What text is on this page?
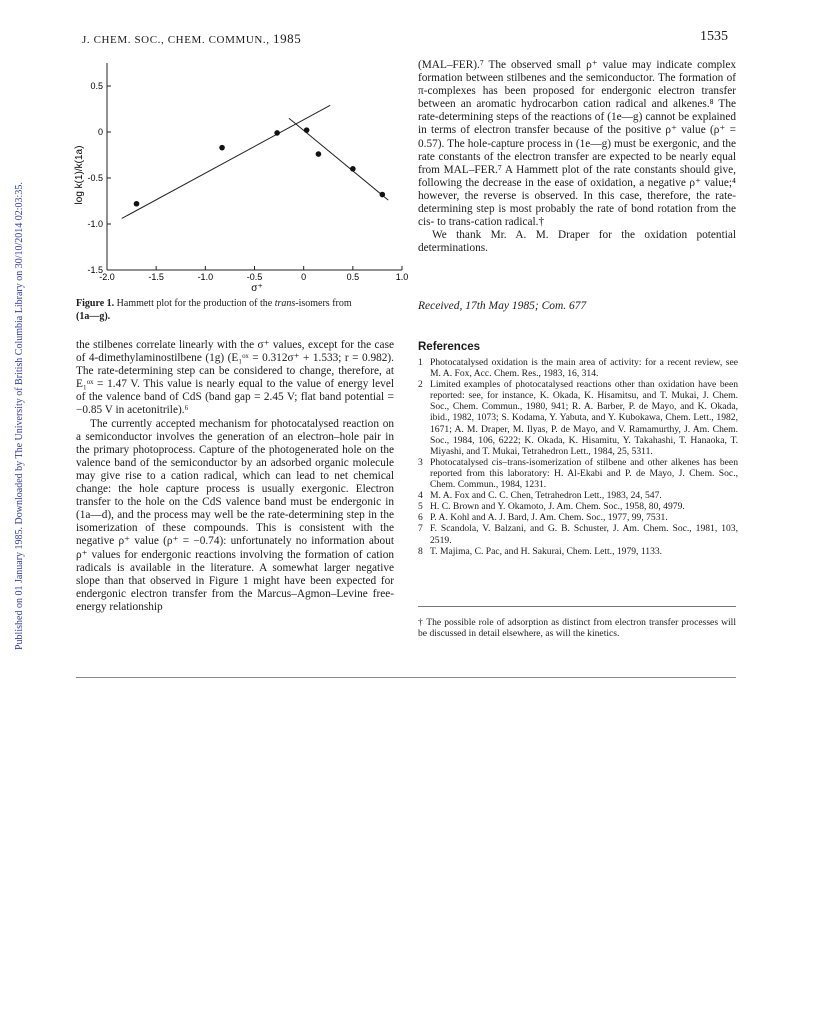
J. CHEM. SOC., CHEM. COMMUN., 1985	1535
Published on 01 January 1985. Downloaded by The University of British Columbia Library on 30/10/2014 02:03:35.	-2.0	-1.5	-1.0	-0.5	0	0.5	1.0
0.5
0
-0.5
-1.0
-1.5
log k(1)/k(1a)
σ⁺
Figure 1. Hammett plot for the production of the trans-isomers from
(1a—g).

the stilbenes correlate linearly with the σ⁺ values, except for the case of 4-dimethylaminostilbene (1g) (E₁ᵒˣ = 0.312σ⁺ + 1.533; r = 0.982). The rate-determining step can be considered to change, therefore, at E₁ᵒˣ = 1.47 V. This value is nearly equal to the value of energy level of the valence band of CdS (band gap = 2.45 V; flat band potential = −0.85 V in acetonitrile).⁶

The currently accepted mechanism for photocatalysed reaction on a semiconductor involves the generation of an electron–hole pair in the primary photoprocess. Capture of the photogenerated hole on the valence band of the semiconductor by an adsorbed organic molecule may give rise to a cation radical, which can lead to net chemical change: the hole capture process is usually exergonic. Electron transfer to the hole on the CdS valence band must be endergonic in (1a—d), and the process may well be the rate-determining step in the isomerization of these compounds. This is consistent with the negative ρ⁺ value (ρ⁺ = −0.74): unfortunately no information about ρ⁺ values for endergonic reactions involving the formation of cation radicals is available in the literature. A somewhat larger negative slope than that observed in Figure 1 might have been expected for endergonic electron transfer from the Marcus–Agmon–Levine free-energy relationship

(MAL–FER).⁷ The observed small ρ⁺ value may indicate complex formation between stilbenes and the semiconductor. The formation of π-complexes has been proposed for endergonic electron transfer between an aromatic hydrocarbon cation radical and alkenes.⁸ The rate-determining steps of the reactions of (1e—g) cannot be explained in terms of electron transfer because of the positive ρ⁺ value (ρ⁺ = 0.57). The hole-capture process in (1e—g) must be exergonic, and the rate constants of the electron transfer are expected to be nearly equal from MAL–FER.⁷ A Hammett plot of the rate constants should give, following the decrease in the ease of oxidation, a negative ρ⁺ value;⁴ however, the reverse is observed. In this case, therefore, the rate-determining step is most probably the rate of bond rotation from the cis- to trans-cation radical.†

We thank Mr. A. M. Draper for the oxidation potential determinations.

Received, 17th May 1985; Com. 677
References
1 Photocatalysed oxidation is the main area of activity: for a recent review, see M. A. Fox, Acc. Chem. Res., 1983, 16, 314.
2 Limited examples of photocatalysed reactions other than oxidation have been reported: see, for instance, K. Okada, K. Hisamitsu, and T. Mukai, J. Chem. Soc., Chem. Commun., 1980, 941; R. A. Barber, P. de Mayo, and K. Okada, ibid., 1982, 1073; S. Kodama, Y. Yabuta, and Y. Kubokawa, Chem. Lett., 1982, 1671; A. M. Draper, M. Ilyas, P. de Mayo, and V. Ramamurthy, J. Am. Chem. Soc., 1984, 106, 6222; K. Okada, K. Hisamitu, Y. Takahashi, T. Hanaoka, T. Miyashi, and T. Mukai, Tetrahedron Lett., 1984, 25, 5311.
3 Photocatalysed cis–trans-isomerization of stilbene and other alkenes has been reported from this laboratory: H. Al-Ekabi and P. de Mayo, J. Chem. Soc., Chem. Commun., 1984, 1231.
4 M. A. Fox and C. C. Chen, Tetrahedron Lett., 1983, 24, 547.
5 H. C. Brown and Y. Okamoto, J. Am. Chem. Soc., 1958, 80, 4979.
6 P. A. Kohl and A. J. Bard, J. Am. Chem. Soc., 1977, 99, 7531.
7 F. Scandola, V. Balzani, and G. B. Schuster, J. Am. Chem. Soc., 1981, 103, 2519.
8 T. Majima, C. Pac, and H. Sakurai, Chem. Lett., 1979, 1133.
† The possible role of adsorption as distinct from electron transfer processes will be discussed in detail elsewhere, as will the kinetics.
